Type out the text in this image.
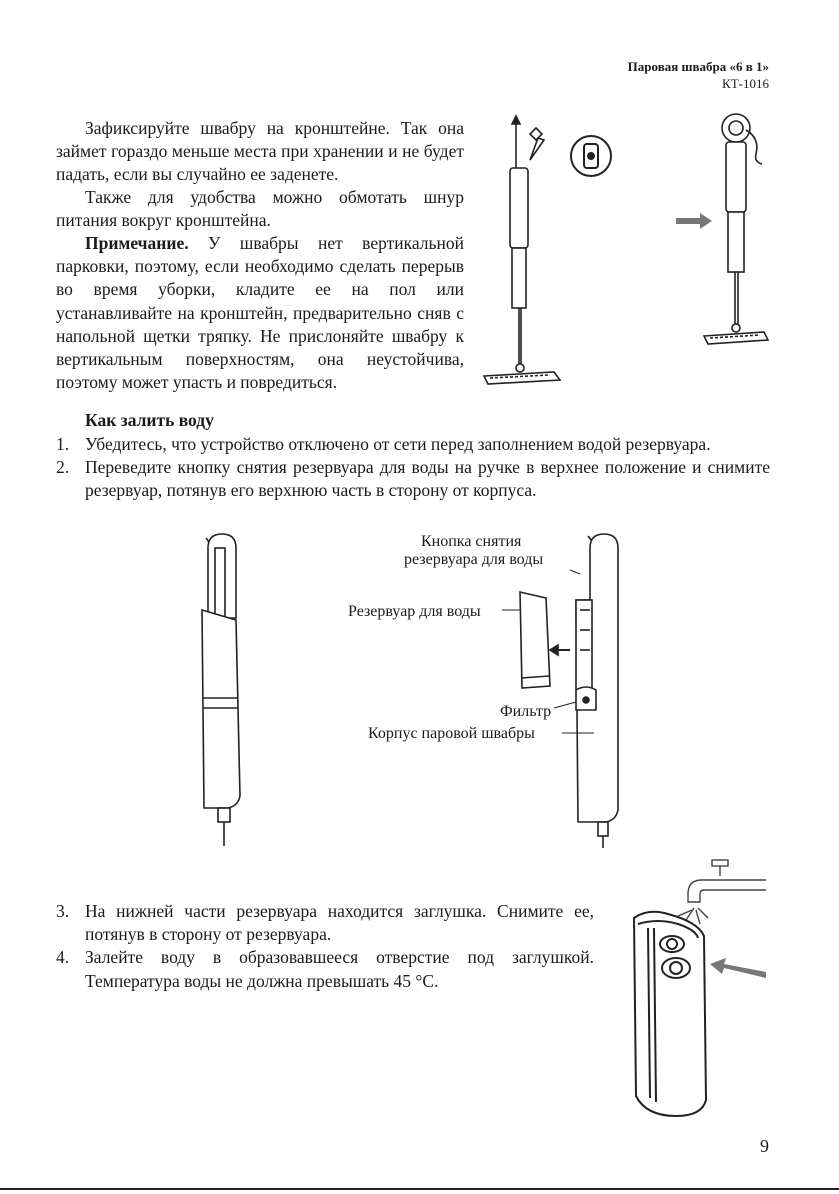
Паровая швабра «6 в 1»
КТ-1016

Зафиксируйте швабру на кронштейне. Так она займет гораздо меньше места при хранении и не будет падать, если вы случайно ее заденете.

Также для удобства можно обмотать шнур питания вокруг кронштейна.

Примечание. У швабры нет вертикальной парковки, поэтому, если необходимо сделать перерыв во время уборки, кладите ее на пол или устанавливайте на кронштейн, предварительно сняв с напольной щетки тряпку. Не прислоняйте швабру к вертикальным поверхностям, она неустойчива, поэтому может упасть и повредиться.

Как залить воду
1. Убедитесь, что устройство отключено от сети перед заполнением водой резервуара.
2. Переведите кнопку снятия резервуара для воды на ручке в верхнее положение и снимите резервуар, потянув его верхнюю часть в сторону от корпуса.
Кнопка снятия
резервуара для воды
Резервуар для воды
Фильтр
Корпус паровой швабры
3. На нижней части резервуара находится заглушка. Снимите ее, потянув в сторону от резервуара.
4. Залейте воду в образовавшееся отверстие под заглушкой. Температура воды не должна превышать 45 °С.
9
